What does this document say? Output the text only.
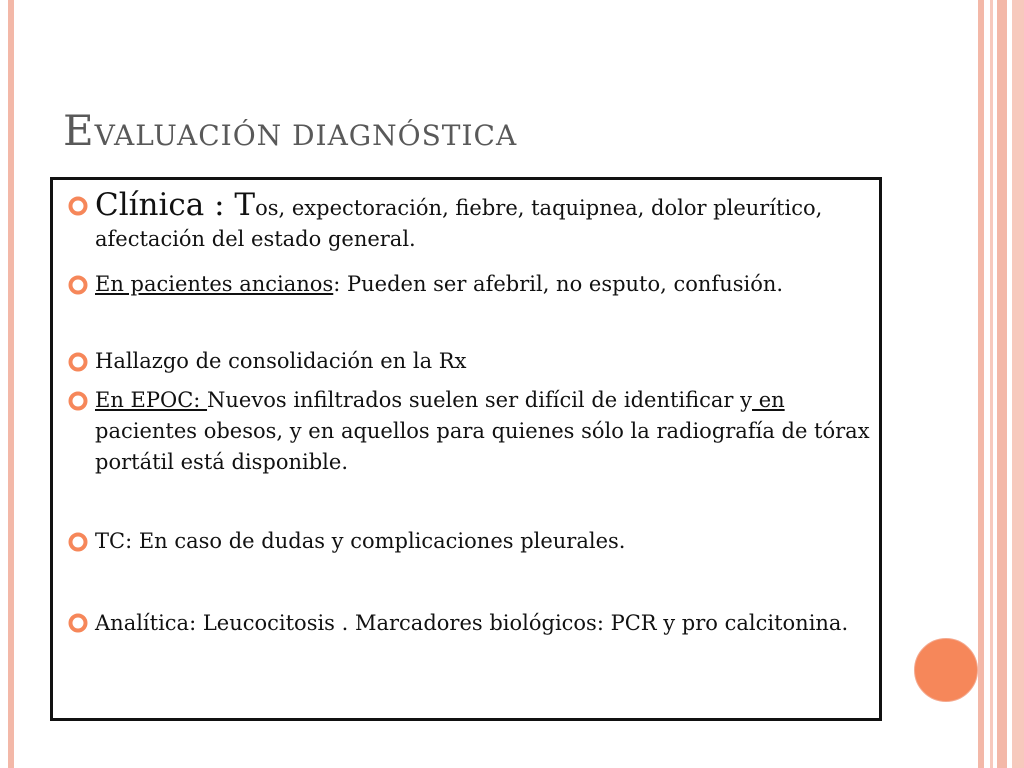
EVALUACIÓN DIAGNÓSTICA
Clínica : Tos, expectoración, fiebre, taquipnea, dolor pleurítico, afectación del estado general.
En pacientes ancianos: Pueden ser afebril, no esputo, confusión.
Hallazgo de consolidación en la Rx
En EPOC: Nuevos infiltrados suelen ser difícil de identificar y en pacientes obesos, y en aquellos para quienes sólo la radiografía de tórax portátil está disponible.
TC: En caso de dudas y complicaciones pleurales.
Analítica: Leucocitosis . Marcadores biológicos: PCR y pro calcitonina.
